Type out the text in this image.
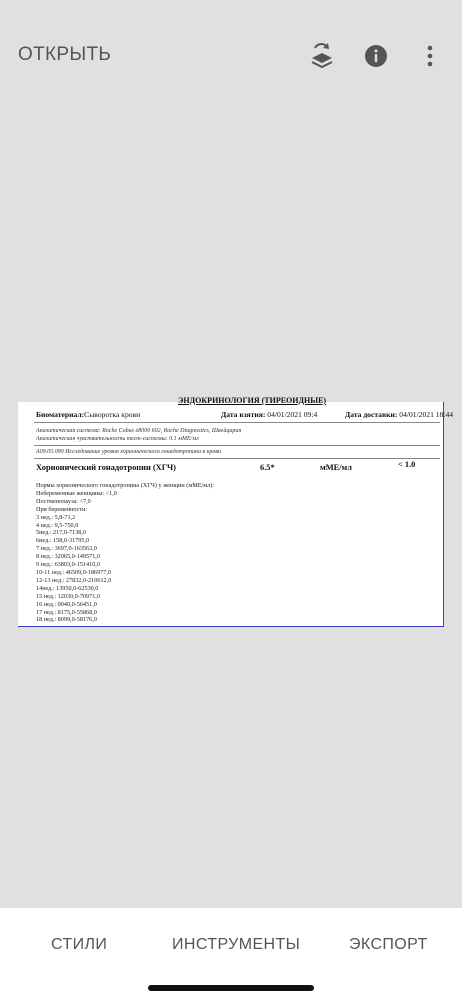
ОТКРЫТЬ
ЭНДОКРИНОЛОГИЯ (ТИРЕОИДНЫЕ)
Биоматериал:Сыворотка крови	Дата взятия: 04/01/2021 09:4	Дата доставки: 04/01/2021 18:44
Аналитическая система: Roche Cobas e8000 602, Roche Diagnostics, Швейцария
Аналитическая чувствительность тест-системы: 0.1 мМЕ/мл
A09.05.090 Исследование уровня хорионического гонадотропина в крови
Хорионический гонадотропин (ХГЧ)	6.5*	мМЕ/мл	< 1.0
Нормы хорионического гонадотропина (ХГЧ) у женщин (мМЕ/мл):
Небеременные женщины: <1,0
Постменопауза: <7,0
При беременности:
3 нед.: 5,8-71,2
4 нед.: 9,5-750,0
5нед.: 217,0-7138,0
6нед.: 158,0-31795,0
7 нед.: 3697,0-163563,0
8 нед.: 32065,0-149571,0
9 нед.: 63803,0-151410,0
10-11 нед.: 46509,0-186977,0
12-13 нед.: 27832,0-210612,0
14нед.: 13950,0-62530,0
15 нед.: 12039,0-70971,0
16 нед.: 9040,0-56451,0
17 нед.: 8175,0-55868,0
18 нед.: 8099,0-58176,0
СТИЛИ	ИНСТРУМЕНТЫ	ЭКСПОРТ
